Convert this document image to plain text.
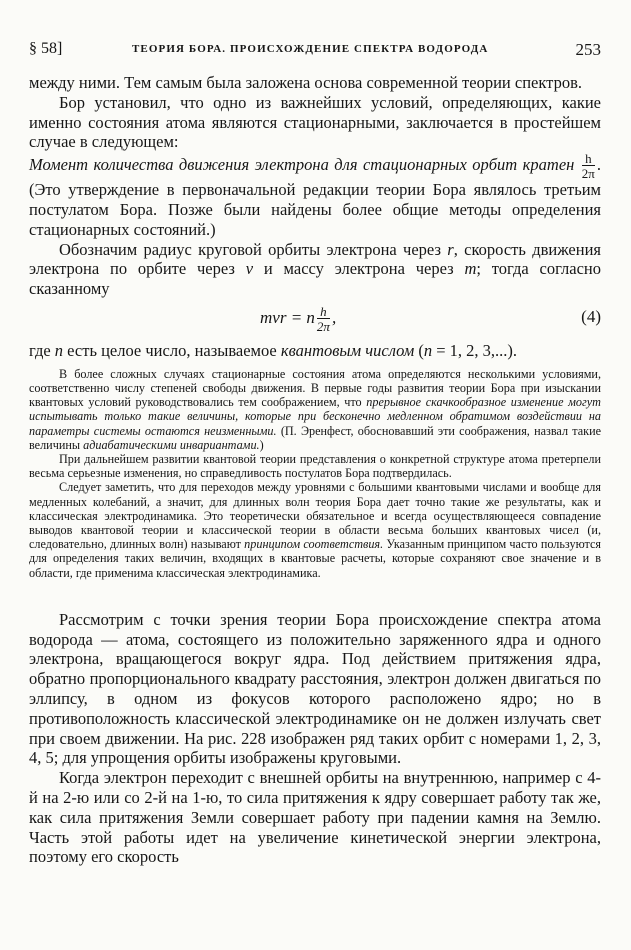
§ 58]	ТЕОРИЯ БОРА. ПРОИСХОЖДЕНИЕ СПЕКТРА ВОДОРОДА	253

между ними. Тем самым была заложена основа современной теории спектров.

Бор установил, что одно из важнейших условий, определяющих, какие именно состояния атома являются стационарными, заключается в простейшем случае в следующем:

Момент количества движения электрона для стационарных орбит кратен $\frac{h}{2\pi}$ . (Это утверждение в первоначальной редакции теории Бора являлось третьим постулатом Бора. Позже были найдены более общие методы определения стационарных состояний.)

Обозначим радиус круговой орбиты электрона через r, скорость движения электрона по орбите через v и массу электрона через m; тогда согласно сказанному

mvr = n $\frac{h}{2\pi}$ ,	(4)

где n есть целое число, называемое квантовым числом (n = 1, 2, 3,...).

В более сложных случаях стационарные состояния атома определяются несколькими условиями, соответственно числу степеней свободы движения. В первые годы развития теории Бора при изыскании квантовых условий руководствовались тем соображением, что прерывное скачкообразное изменение могут испытывать только такие величины, которые при бесконечно медленном обратимом воздействии на параметры системы остаются неизменными. (П. Эренфест, обосновавший эти соображения, назвал такие величины адиабатическими инвариантами.)

При дальнейшем развитии квантовой теории представления о конкретной структуре атома претерпели весьма серьезные изменения, но справедливость постулатов Бора подтвердилась.

Следует заметить, что для переходов между уровнями с большими квантовыми числами и вообще для медленных колебаний, а значит, для длинных волн теория Бора дает точно такие же результаты, как и классическая электродинамика. Это теоретически обязательное и всегда осуществляющееся совпадение выводов квантовой теории и классической теории в области весьма больших квантовых чисел (и, следовательно, длинных волн) называют принципом соответствия. Указанным принципом часто пользуются для определения таких величин, входящих в квантовые расчеты, которые сохраняют свое значение и в области, где применима классическая электродинамика.

Рассмотрим с точки зрения теории Бора происхождение спектра атома водорода — атома, состоящего из положительно заряженного ядра и одного электрона, вращающегося вокруг ядра. Под действием притяжения ядра, обратно пропорционального квадрату расстояния, электрон должен двигаться по эллипсу, в одном из фокусов которого расположено ядро; но в противоположность классической электродинамике он не должен излучать свет при своем движении. На рис. 228 изображен ряд таких орбит с номерами 1, 2, 3, 4, 5; для упрощения орбиты изображены круговыми.

Когда электрон переходит с внешней орбиты на внутреннюю, например с 4-й на 2-ю или со 2-й на 1-ю, то сила притяжения к ядру совершает работу так же, как сила притяжения Земли совершает работу при падении камня на Землю. Часть этой работы идет на увеличение кинетической энергии электрона, поэтому его скорость
